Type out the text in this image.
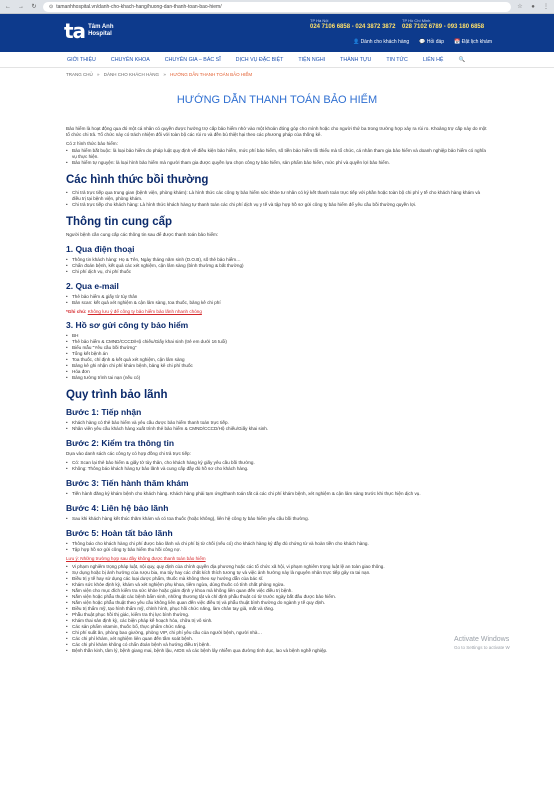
← → ↻ ⊙ tamanhhospital.vn/danh-cho-khach-hang/huong-dan-thanh-toan-bao-hiem/	☆	●	⋮
ta Tâm Anh
Hospital
TP Hà Nội
024 7106 6858 - 024 3872 3872
TP Hồ Chí Minh
028 7102 6789 - 093 180 6858
👤 Dành cho khách hàng 💬 Hỏi đáp 📅 Đặt lịch khám
GIỚI THIỆU	CHUYÊN KHOA	CHUYÊN GIA – BÁC SĨ	DỊCH VỤ ĐẶC BIỆT	TIỆN NGHI	THÀNH TỰU	TIN TỨC	LIÊN HỆ	🔍
TRANG CHỦ » DÀNH CHO KHÁCH HÀNG » HƯỚNG DẪN THANH TOÁN BẢO HIỂM
HƯỚNG DẪN THANH TOÁN BẢO HIỂM

Bảo hiểm là hoạt động qua đó một cá nhân có quyền được hưởng trợ cấp bảo hiểm nhờ vào một khoản đóng góp cho mình hoặc cho người thứ ba trong trường hợp xảy ra rủi ro. Khoảng trợ cấp này do một tổ chức chi trả. Tổ chức này có trách nhiệm đối với toàn bộ các rủi ro và đền bù thiệt hại theo các phương pháp của thống kê.

Có 2 hình thức bảo hiểm:

• Bảo hiểm bắt buộc: là loại bảo hiểm do pháp luật quy định về điều kiện bảo hiểm, mức phí bảo hiểm, số tiền bảo hiểm tối thiểu mà tổ chức, cá nhân tham gia bảo hiểm và doanh nghiệp bảo hiểm có nghĩa vụ thực hiện.
• Bảo hiểm tự nguyện: là loại hình bảo hiểm mà người tham gia được quyền lựa chọn công ty bảo hiểm, sản phẩm bảo hiểm, mức phí và quyền lợi bảo hiểm.
Các hình thức bồi thường
• Chi trả trực tiếp qua trung gian (bệnh viện, phòng khám): Là hình thức các công ty bảo hiểm sức khỏe tư nhân có ký kết thanh toán trực tiếp với phần hoặc toàn bộ chi phí y tế cho khách hàng khám và điều trị tại bệnh viện, phòng khám.
• Chi trả trực tiếp cho khách hàng: Là hình thức khách hàng tự thanh toán các chi phí dịch vụ y tế và tập hợp hồ sơ gửi công ty bảo hiểm để yêu cầu bồi thường quyền lợi.
Thông tin cung cấp

Người bệnh cần cung cấp các thông tin sau để được thanh toán bảo hiểm:

1. Qua điện thoại
• Thông tin khách hàng: Họ & Tên, Ngày tháng năm sinh (D.O.B), số thẻ bảo hiểm…
• Chẩn đoán bệnh, kết quả các xét nghiệm, cận lâm sàng (bình thường & bất thường)
• Chi phí dịch vụ, chi phí thuốc
2. Qua e-mail
• Thẻ bảo hiểm & giấy tờ tùy thân
• Bản scan: kết quả xét nghiệm & cận lâm sàng, toa thuốc, bảng kê chi phí

*Ghi chú: Không lưu ý để công ty bảo hiểm bảo lãnh nhanh chóng

3. Hồ sơ gửi công ty bảo hiểm
• BH
• Thẻ bảo hiểm & CMND/CCCD/Hộ chiếu/Giấy khai sinh (trẻ em dưới 16 tuổi)
• Biểu mẫu "Yêu cầu bồi thường"
• Tổng kết bệnh án
• Toa thuốc, chỉ định & kết quả xét nghiệm, cận lâm sàng
• Bảng kê ghi nhận chi phí khám bệnh, bảng kê chi phí thuốc
• Hóa đơn
• Bảng tường trình tai nạn (nếu có)
Quy trình bảo lãnh
Bước 1: Tiếp nhận
• Khách hàng có thẻ bảo hiểm và yêu cầu được bảo hiểm thanh toán trực tiếp.
• Nhân viên yêu cầu khách hàng xuất trình thẻ bảo hiểm & CMND/CCCD/Hộ chiếu/Giấy khai sinh.
Bước 2: Kiểm tra thông tin

Dựa vào danh sách các công ty có hợp đồng chi trả trực tiếp:

• Có: Scan lại thẻ bảo hiểm & giấy tờ tùy thân, cho khách hàng ký giấy yêu cầu bồi thường.
• Không: Thông báo khách hàng tự bảo lãnh và cung cấp đầy đủ hồ sơ cho khách hàng.
Bước 3: Tiến hành thăm khám
• Tiến hành đăng ký khám bệnh cho khách hàng. Khách hàng phải tạm ứng/thanh toán tất cả các chi phí khám bệnh, xét nghiệm & cận lâm sàng trước khi thực hiện dịch vụ.
Bước 4: Liên hệ bảo lãnh
• Sau khi khách hàng kết thúc thăm khám và có toa thuốc (hoặc không), liên hệ công ty bảo hiểm yêu cầu bồi thường.
Bước 5: Hoàn tất bảo lãnh
• Thông báo cho khách hàng chi phí được bảo lãnh và chi phí bị từ chối (nếu có) cho khách hàng ký đầy đủ chứng từ và hoàn tiền cho khách hàng.
• Tập hợp hồ sơ gửi công ty bảo hiểm thu hồi công nợ.

Lưu ý: Những trường hợp sau đây không được thanh toán bảo hiểm

• Vi phạm nghiêm trọng pháp luật, nội quy, quy định của chính quyền địa phương hoặc các tổ chức xã hội, vi phạm nghiêm trọng luật lệ an toàn giao thông.
• Sự dụng hoặc bị ảnh hưởng của rượu bia, ma túy hay các chất kích thích tương tự và việc ảnh hưởng này là nguyên nhân trực tiếp gây ra tai nạn.
• Điều trị y tế hay sử dụng các loại dược phẩm, thuốc mà không theo sự hướng dẫn của bác sĩ.
• Khám sức khỏe định kỳ, khám và xét nghiệm phụ khoa, tiêm ngừa, dùng thuốc có tính chất phòng ngừa.
• Nằm viện cho mục đích kiểm tra sức khỏe hoặc giám định y khoa mà không liên quan đến việc điều trị bệnh.
• Nằm viện hoặc phẫu thuật các bệnh bẩm sinh, những thương tật và chỉ định phẫu thuật có từ trước ngày bắt đầu được bảo hiểm.
• Nằm viện hoặc phẫu thuật theo yêu cầu không liên quan đến việc điều trị và phẫu thuật bình thường do ngành y tế quy định.
• Điều trị thẩm mỹ, tạo hình thẩm mỹ, chỉnh hình, phục hồi chức năng, làm chân tay giả, mắt và răng.
• Phẫu thuật phục hồi thị giác, kiểm tra thị lực bình thường.
• Khám thai sản định kỳ, các biện pháp kế hoạch hóa, chữa trị vô sinh.
• Các sản phẩm vitamin, thuốc bổ, thực phẩm chức năng.
• Chi phí suất ăn, phòng bao giường, phòng VIP, chi phí yêu cầu của người bệnh, người nhà…
• Các chi phí khám, xét nghiệm liên quan đến tầm soát bệnh.
• Các chi phí khám không có chẩn đoán bệnh và hướng điều trị bệnh.
• Bệnh thần kinh, tâm lý, bệnh giang mai, bệnh lậu, AIDS và các bệnh lây nhiễm qua đường tình dục, lao và bệnh nghề nghiệp.
Activate Windows
Go to Settings to activate W
